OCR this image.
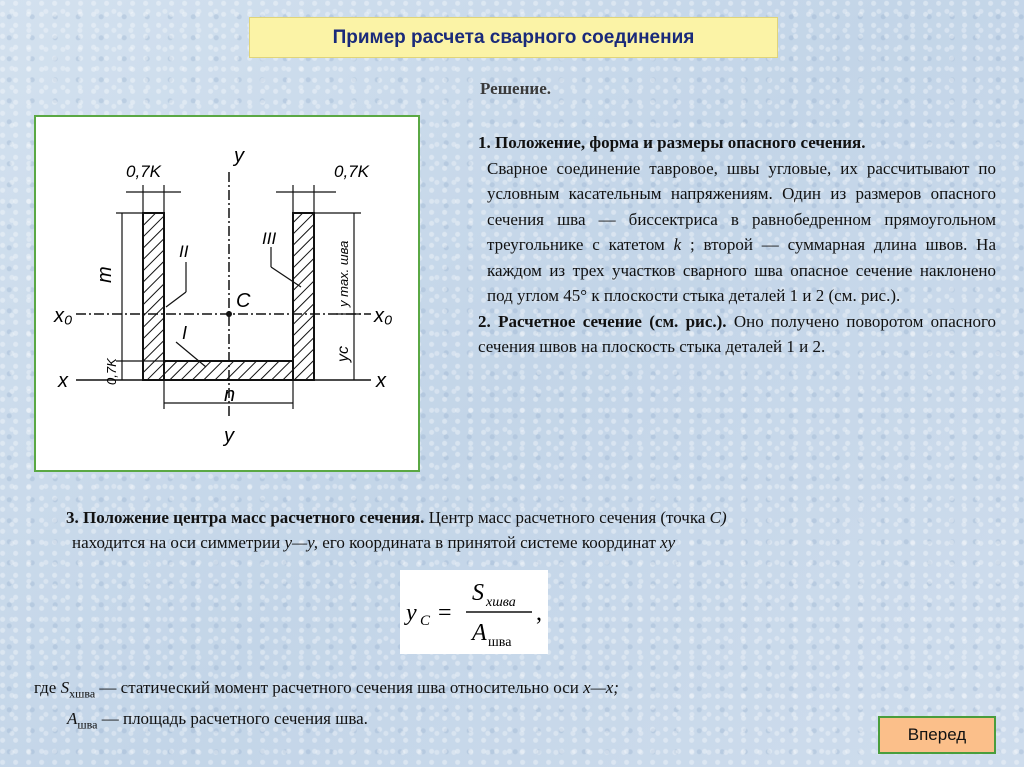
Пример расчета сварного соединения
Решение.
0,7K	0,7K
y
y
x	x
x₀	x₀
m
n
C
I
II
III
y max. шва
yc
0,7K

1. Положение, форма и размеры опасного сечения.

Сварное соединение тавровое, швы угловые, их рассчитывают по условным касательным напряжениям. Один из размеров опасного сечения шва — биссектриса в равнобедренном прямоугольном треугольнике с катетом k ; второй — суммарная длина швов. На каждом из трех участков сварного шва опасное сечение наклонено под углом 45° к плоскости стыка деталей 1 и 2 (см. рис.).

2. Расчетное сечение (см. рис.). Оно получено поворотом опасного сечения швов на плоскость стыка деталей 1 и 2.

3. Положение центра масс расчетного сечения. Центр масс расчетного сечения (точка C)
находится на оси симметрии y—y, его координата в принятой системе координат xy
y C =
S xшва
A шва
,
где $S_{xшва}$ — статический момент расчетного сечения шва относительно оси x—x;
$A_{шва}$ — площадь расчетного сечения шва.
Вперед
